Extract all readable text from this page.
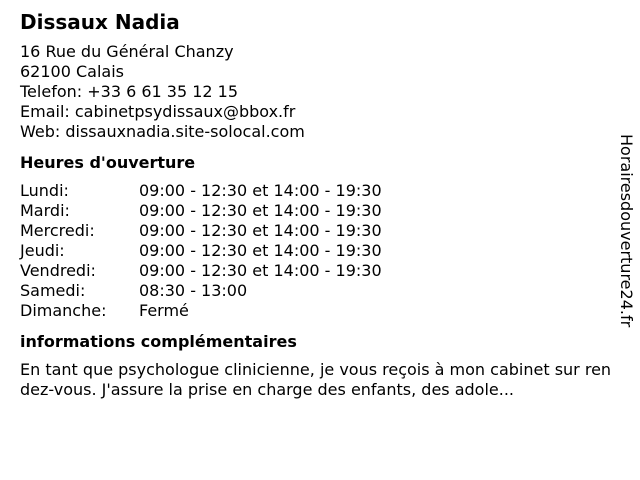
Dissaux Nadia
16 Rue du Général Chanzy
62100 Calais
Telefon: +33 6 61 35 12 15
Email: cabinetpsydissaux@bbox.fr
Web: dissauxnadia.site-solocal.com
Heures d'ouverture
Lundi:	09:00 - 12:30 et 14:00 - 19:30
Mardi:	09:00 - 12:30 et 14:00 - 19:30
Mercredi:	09:00 - 12:30 et 14:00 - 19:30
Jeudi:	09:00 - 12:30 et 14:00 - 19:30
Vendredi:	09:00 - 12:30 et 14:00 - 19:30
Samedi:	08:30 - 13:00
Dimanche: Fermé
informations complémentaires
En tant que psychologue clinicienne, je vous reçois à mon cabinet sur rendez-vous. J'assure la prise en charge des enfants, des adole...
Horairesdouverture24.fr
